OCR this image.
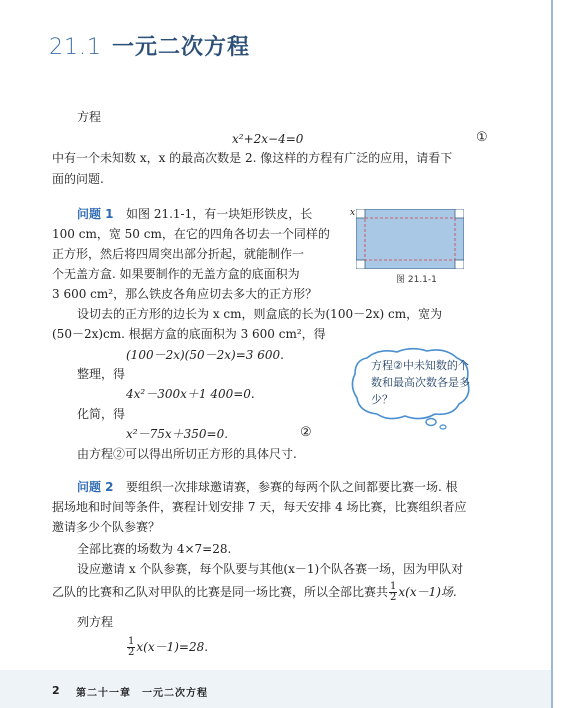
21.1 一元二次方程
方程
x²+2x−4=0	①
中有一个未知数 x，x 的最高次数是 2. 像这样的方程有广泛的应用，请看下
面的问题.
问题 1 如图 21.1-1，有一块矩形铁皮，长
100 cm，宽 50 cm，在它的四角各切去一个同样的
正方形，然后将四周突出部分折起，就能制作一
个无盖方盒. 如果要制作的无盖方盒的底面积为
3 600 cm²，那么铁皮各角应切去多大的正方形？
x
图 21.1-1
设切去的正方形的边长为 x cm，则盒底的长为(100－2x) cm，宽为
(50－2x)cm. 根据方盒的底面积为 3 600 cm²，得
(100－2x)(50－2x)=3 600.
整理，得
4x²－300x＋1 400=0.
化简，得
x²－75x＋350=0.	②
由方程②可以得出所切正方形的具体尺寸.
方程②中未知数的个数和最高次数各是多少？
问题 2 要组织一次排球邀请赛，参赛的每两个队之间都要比赛一场. 根
据场地和时间等条件，赛程计划安排 7 天，每天安排 4 场比赛，比赛组织者应
邀请多少个队参赛？
全部比赛的场数为 4×7=28.
设应邀请 x 个队参赛，每个队要与其他(x－1)个队各赛一场，因为甲队对
乙队的比赛和乙队对甲队的比赛是同一场比赛，所以全部比赛共 $\frac{1}{2} x(x-1)$场.
列方程
$\frac{1}{2} x(x-1)=28$.
2 第二十一章　一元二次方程
